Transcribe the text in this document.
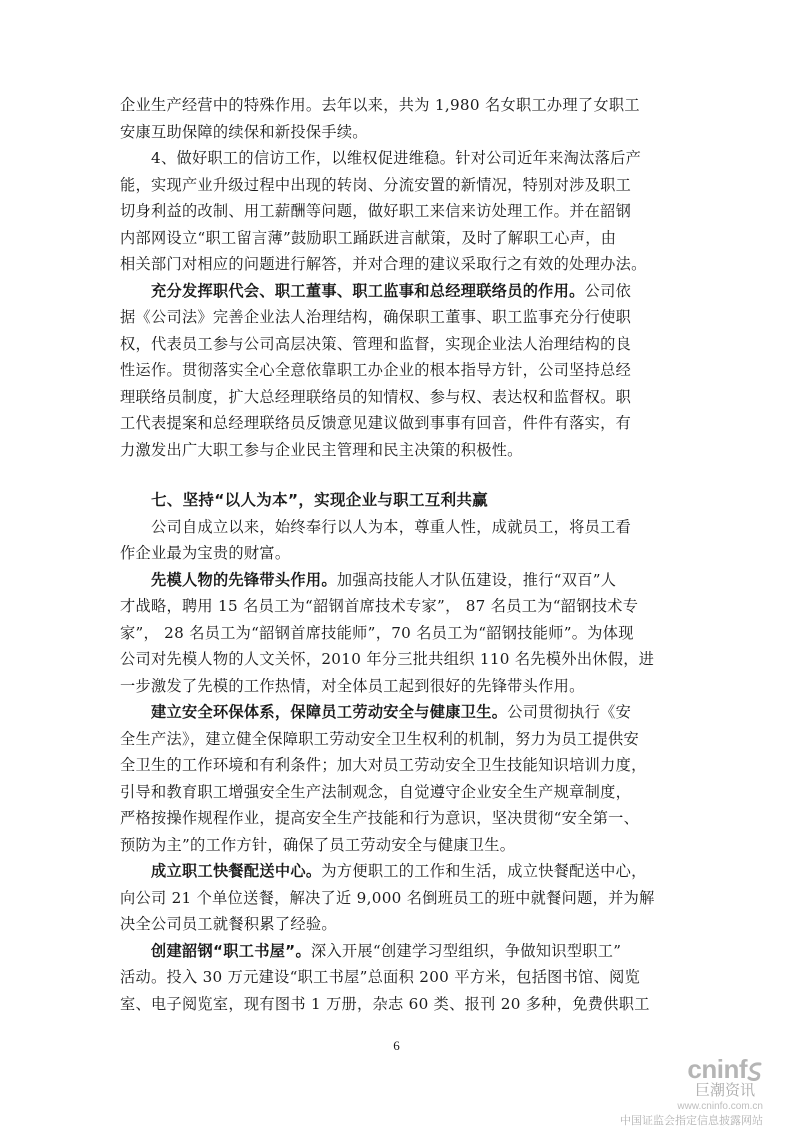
企业生产经营中的特殊作用。去年以来，共为 1,980 名女职工办理了女职工
安康互助保障的续保和新投保手续。
4、做好职工的信访工作，以维权促进维稳。针对公司近年来淘汰落后产
能，实现产业升级过程中出现的转岗、分流安置的新情况，特别对涉及职工
切身利益的改制、用工薪酬等问题，做好职工来信来访处理工作。并在韶钢
内部网设立“职工留言薄”鼓励职工踊跃进言献策，及时了解职工心声，由
相关部门对相应的问题进行解答，并对合理的建议采取行之有效的处理办法。
充分发挥职代会、职工董事、职工监事和总经理联络员的作用。公司依
据《公司法》完善企业法人治理结构，确保职工董事、职工监事充分行使职
权，代表员工参与公司高层决策、管理和监督，实现企业法人治理结构的良
性运作。贯彻落实全心全意依靠职工办企业的根本指导方针，公司坚持总经
理联络员制度，扩大总经理联络员的知情权、参与权、表达权和监督权。职
工代表提案和总经理联络员反馈意见建议做到事事有回音，件件有落实，有
力激发出广大职工参与企业民主管理和民主决策的积极性。
七、坚持“以人为本”，实现企业与职工互利共赢
公司自成立以来，始终奉行以人为本，尊重人性，成就员工，将员工看
作企业最为宝贵的财富。
先模人物的先锋带头作用。加强高技能人才队伍建设，推行“双百”人
才战略，聘用 15 名员工为“韶钢首席技术专家”， 87 名员工为“韶钢技术专
家”， 28 名员工为“韶钢首席技能师”，70 名员工为“韶钢技能师”。为体现
公司对先模人物的人文关怀，2010 年分三批共组织 110 名先模外出休假，进
一步激发了先模的工作热情，对全体员工起到很好的先锋带头作用。
建立安全环保体系，保障员工劳动安全与健康卫生。公司贯彻执行《安
全生产法》，建立健全保障职工劳动安全卫生权利的机制，努力为员工提供安
全卫生的工作环境和有利条件；加大对员工劳动安全卫生技能知识培训力度，
引导和教育职工增强安全生产法制观念，自觉遵守企业安全生产规章制度，
严格按操作规程作业，提高安全生产技能和行为意识，坚决贯彻“安全第一、
预防为主”的工作方针，确保了员工劳动安全与健康卫生。
成立职工快餐配送中心。为方便职工的工作和生活，成立快餐配送中心，
向公司 21 个单位送餐，解决了近 9,000 名倒班员工的班中就餐问题，并为解
决全公司员工就餐积累了经验。
创建韶钢“职工书屋”。深入开展“创建学习型组织，争做知识型职工”
活动。投入 30 万元建设“职工书屋”总面积 200 平方米，包括图书馆、阅览
室、电子阅览室，现有图书 1 万册，杂志 60 类、报刊 20 多种，免费供职工
6
cninf
巨潮资讯
www.cninfo.com.cn
中国证监会指定信息披露网站
